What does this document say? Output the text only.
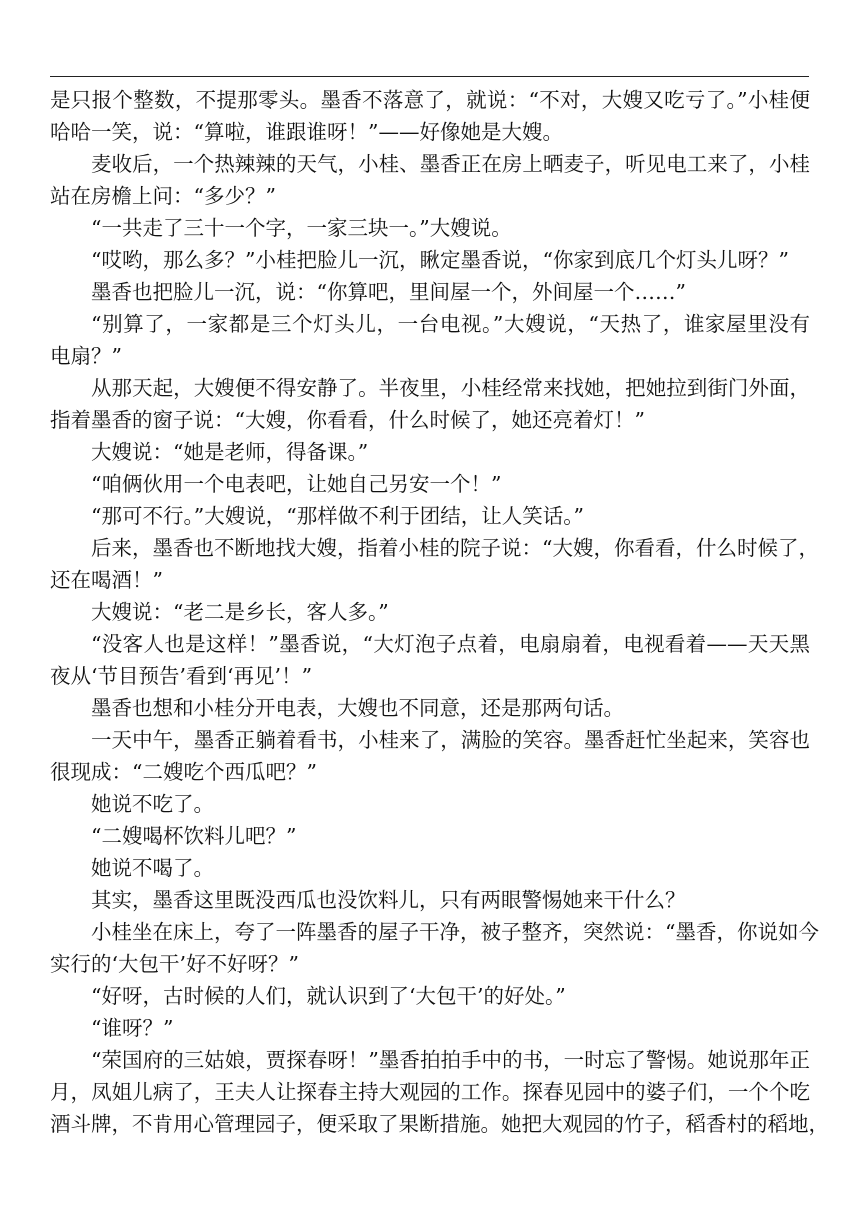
是只报个整数，不提那零头。墨香不落意了，就说：“不对，大嫂又吃亏了。”小桂便
哈哈一笑，说：“算啦，谁跟谁呀！”——好像她是大嫂。
麦收后，一个热辣辣的天气，小桂、墨香正在房上晒麦子，听见电工来了，小桂
站在房檐上问：“多少？”
“一共走了三十一个字，一家三块一。”大嫂说。
“哎哟，那么多？”小桂把脸儿一沉，瞅定墨香说，“你家到底几个灯头儿呀？”
墨香也把脸儿一沉，说：“你算吧，里间屋一个，外间屋一个……”
“别算了，一家都是三个灯头儿，一台电视。”大嫂说，“天热了，谁家屋里没有
电扇？”
从那天起，大嫂便不得安静了。半夜里，小桂经常来找她，把她拉到街门外面，
指着墨香的窗子说：“大嫂，你看看，什么时候了，她还亮着灯！”
大嫂说：“她是老师，得备课。”
“咱俩伙用一个电表吧，让她自己另安一个！”
“那可不行。”大嫂说，“那样做不利于团结，让人笑话。”
后来，墨香也不断地找大嫂，指着小桂的院子说：“大嫂，你看看，什么时候了，
还在喝酒！”
大嫂说：“老二是乡长，客人多。”
“没客人也是这样！”墨香说，“大灯泡子点着，电扇扇着，电视看着——天天黑
夜从‘节目预告’看到‘再见’！”
墨香也想和小桂分开电表，大嫂也不同意，还是那两句话。
一天中午，墨香正躺着看书，小桂来了，满脸的笑容。墨香赶忙坐起来，笑容也
很现成：“二嫂吃个西瓜吧？”
她说不吃了。
“二嫂喝杯饮料儿吧？”
她说不喝了。
其实，墨香这里既没西瓜也没饮料儿，只有两眼警惕她来干什么？
小桂坐在床上，夸了一阵墨香的屋子干净，被子整齐，突然说：“墨香，你说如今
实行的‘大包干’好不好呀？”
“好呀，古时候的人们，就认识到了‘大包干’的好处。”
“谁呀？”
“荣国府的三姑娘，贾探春呀！”墨香拍拍手中的书，一时忘了警惕。她说那年正
月，凤姐儿病了，王夫人让探春主持大观园的工作。探春见园中的婆子们，一个个吃
酒斗牌，不肯用心管理园子，便采取了果断措施。她把大观园的竹子，稻香村的稻地，
